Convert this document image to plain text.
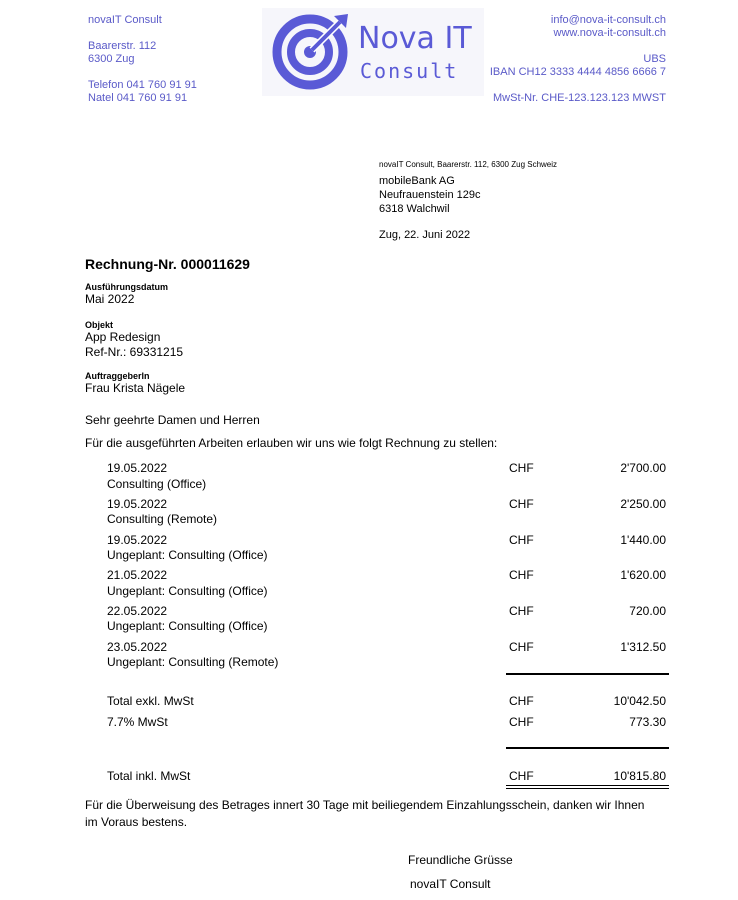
novaIT Consult
Baarerstr. 112
6300 Zug
Telefon 041 760 91 91
Natel 041 760 91 91
Nova IT
Consult
info@nova-it-consult.ch
www.nova-it-consult.ch
UBS
IBAN CH12 3333 4444 4856 6666 7
MwSt-Nr. CHE-123.123.123 MWST
novaIT Consult, Baarerstr. 112, 6300 Zug Schweiz
mobileBank AG
Neufrauenstein 129c
6318 Walchwil
Zug, 22. Juni 2022
Rechnung-Nr. 000011629
Ausführungsdatum
Mai 2022
Objekt
App Redesign
Ref-Nr.: 69331215
Auftraggeberln
Frau Krista Nägele
Sehr geehrte Damen und Herren
Für die ausgeführten Arbeiten erlauben wir uns wie folgt Rechnung zu stellen:
19.05.2022
Consulting (Office)
CHF	2'700.00
19.05.2022
Consulting (Remote)
CHF	2'250.00
19.05.2022
Ungeplant: Consulting (Office)
CHF	1'440.00
21.05.2022
Ungeplant: Consulting (Office)
CHF	1'620.00
22.05.2022
Ungeplant: Consulting (Office)
CHF	720.00
23.05.2022
Ungeplant: Consulting (Remote)
CHF	1'312.50
Total exkl. MwSt	CHF	10'042.50
7.7% MwSt	CHF	773.30
Total inkl. MwSt	CHF	10'815.80
Für die Überweisung des Betrages innert 30 Tage mit beiliegendem Einzahlungsschein, danken wir Ihnen
im Voraus bestens.
Freundliche Grüsse
novaIT Consult
